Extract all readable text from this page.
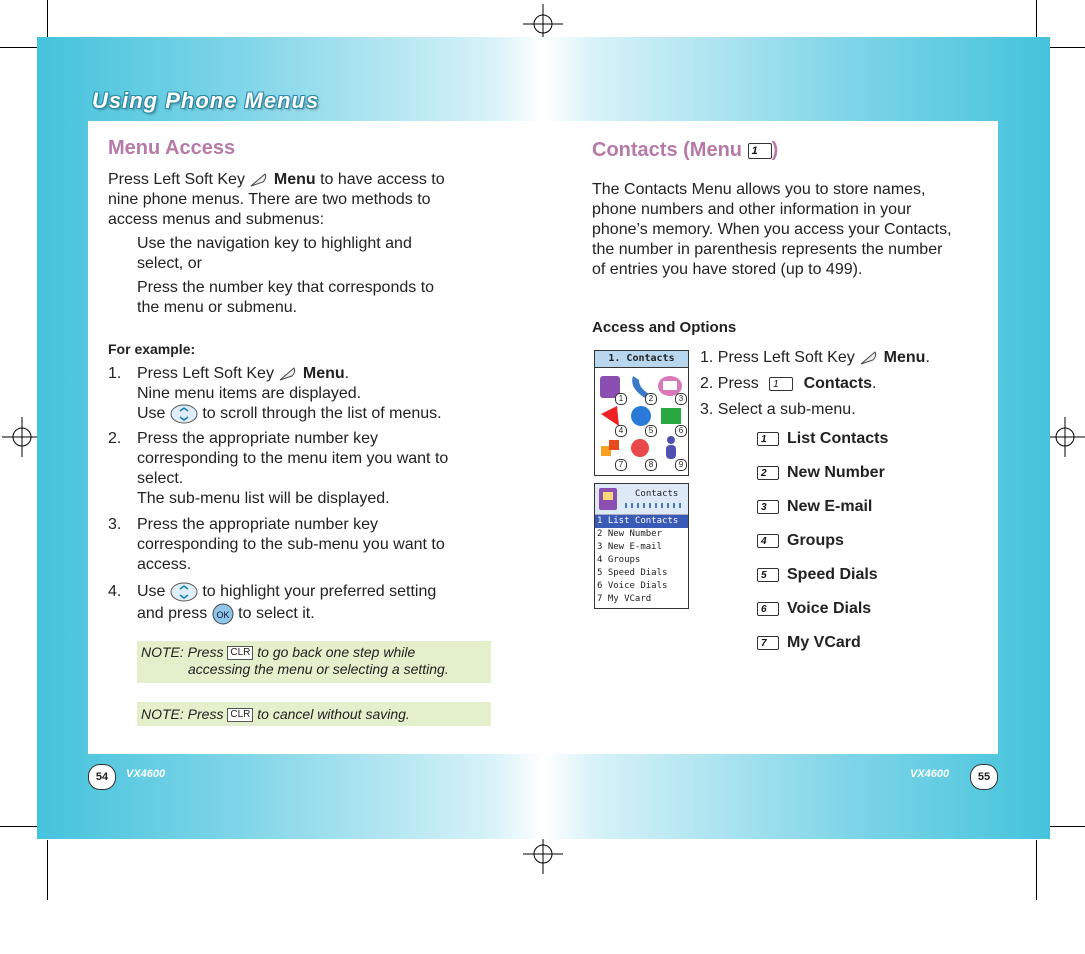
Using Phone Menus
Menu Access
Press Left Soft Key Menu to have access to
nine phone menus. There are two methods to
access menus and submenus:
Use the navigation key to highlight and
select, or
Press the number key that corresponds to
the menu or submenu.
For example:
1. Press Left Soft Key Menu.
Nine menu items are displayed.
Use to scroll through the list of menus.
2. Press the appropriate number key
corresponding to the menu item you want to
select.
The sub-menu list will be displayed.
3. Press the appropriate number key
corresponding to the sub-menu you want to
access.
4. Use to highlight your preferred setting
and press OK to select it.
NOTE: Press CLR to go back one step while
accessing the menu or selecting a setting.
NOTE: Press CLR to cancel without saving.
Contacts (Menu 1 )
The Contacts Menu allows you to store names,
phone numbers and other information in your
phone’s memory. When you access your Contacts,
the number in parenthesis represents the number
of entries you have stored (up to 499).
Access and Options
1. Press Left Soft Key Menu.
2. Press 1 Contacts.
3. Select a sub-menu.
1 List Contacts
2 New Number
3 New E-mail
4 Groups
5 Speed Dials
6 Voice Dials
7 My VCard
1. Contacts
1	2	3
4	5	6
7	8	9
Contacts
1 List Contacts
2 New Number
3 New E-mail
4 Groups
5 Speed Dials
6 Voice Dials
7 My VCard
54	VX4600	VX4600	55
